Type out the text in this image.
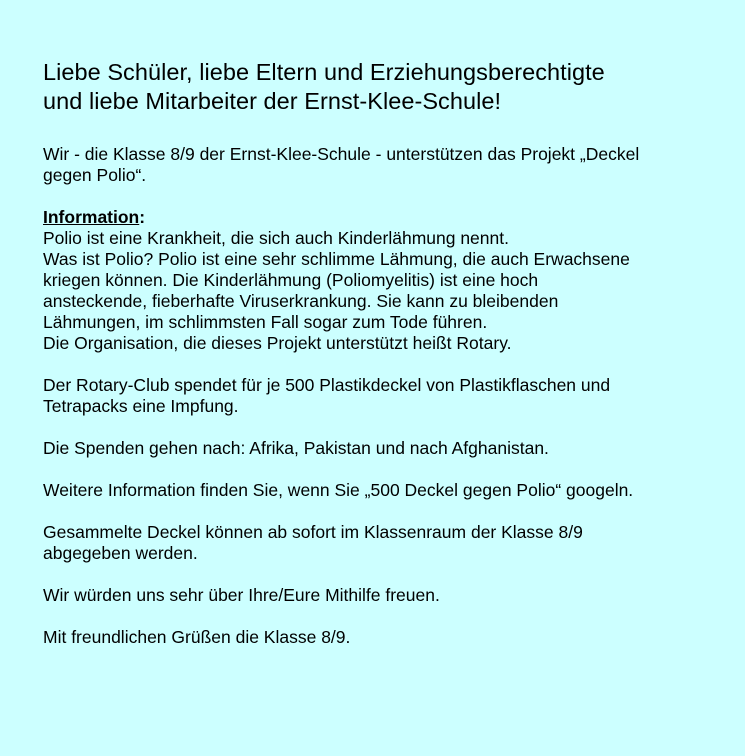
Liebe Schüler, liebe Eltern und Erziehungsberechtigte
und liebe Mitarbeiter der Ernst-Klee-Schule!

Wir - die Klasse 8/9 der Ernst-Klee-Schule - unterstützen das Projekt „Deckel
gegen Polio“.

Information:
Polio ist eine Krankheit, die sich auch Kinderlähmung nennt.
Was ist Polio? Polio ist eine sehr schlimme Lähmung, die auch Erwachsene
kriegen können. Die Kinderlähmung (Poliomyelitis) ist eine hoch
ansteckende, fieberhafte Viruserkrankung. Sie kann zu bleibenden
Lähmungen, im schlimmsten Fall sogar zum Tode führen.
Die Organisation, die dieses Projekt unterstützt heißt Rotary.

Der Rotary-Club spendet für je 500 Plastikdeckel von Plastikflaschen und
Tetrapacks eine Impfung.

Die Spenden gehen nach: Afrika, Pakistan und nach Afghanistan.

Weitere Information finden Sie, wenn Sie „500 Deckel gegen Polio“ googeln.

Gesammelte Deckel können ab sofort im Klassenraum der Klasse 8/9
abgegeben werden.

Wir würden uns sehr über Ihre/Eure Mithilfe freuen.

Mit freundlichen Grüßen die Klasse 8/9.
